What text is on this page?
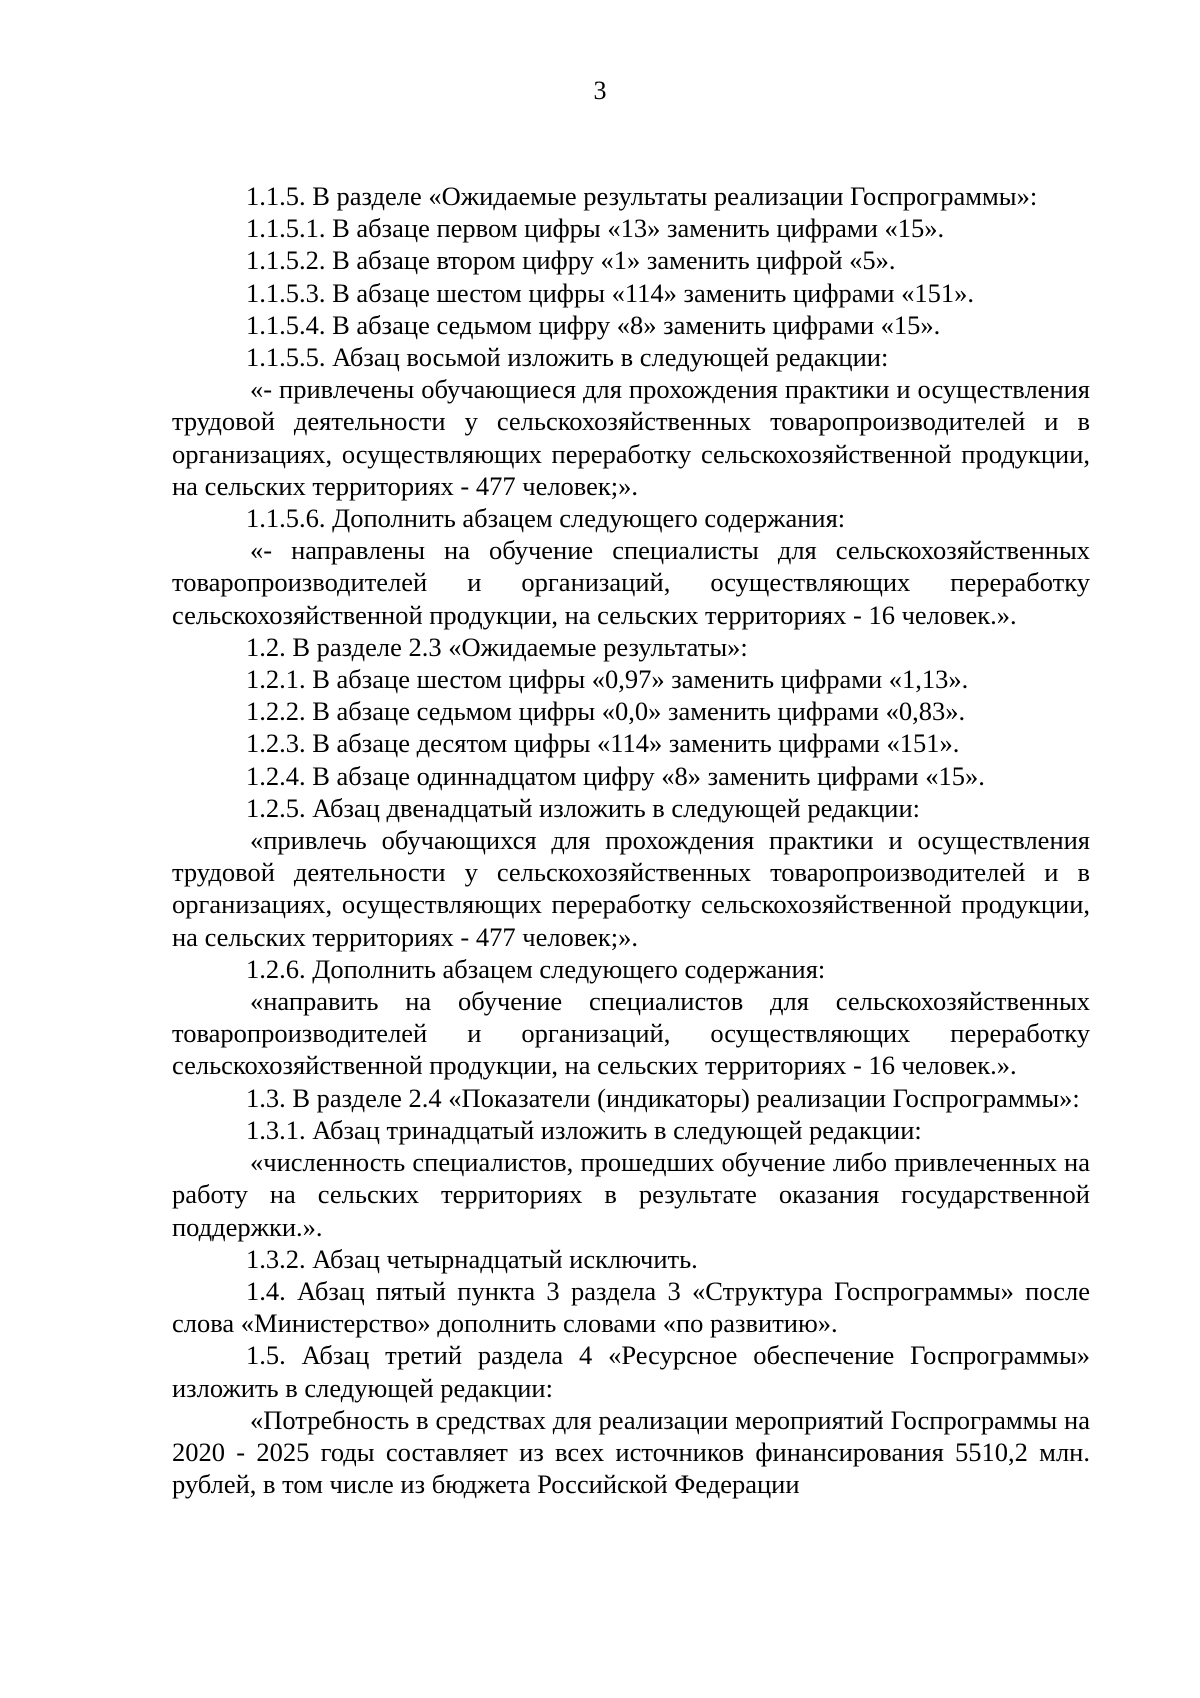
3

1.1.5. В разделе «Ожидаемые результаты реализации Госпрограммы»:

1.1.5.1. В абзаце первом цифры «13» заменить цифрами «15».

1.1.5.2. В абзаце втором цифру «1» заменить цифрой «5».

1.1.5.3. В абзаце шестом цифры «114» заменить цифрами «151».

1.1.5.4. В абзаце седьмом цифру «8» заменить цифрами «15».

1.1.5.5. Абзац восьмой изложить в следующей редакции:

«- привлечены обучающиеся для прохождения практики и осуществления трудовой деятельности у сельскохозяйственных товаропроизводителей и в организациях, осуществляющих переработку сельскохозяйственной продукции, на сельских территориях - 477 человек;».

1.1.5.6. Дополнить абзацем следующего содержания:

«- направлены на обучение специалисты для сельскохозяйственных товаропроизводителей и организаций, осуществляющих переработку сельскохозяйственной продукции, на сельских территориях - 16 человек.».

1.2. В разделе 2.3 «Ожидаемые результаты»:

1.2.1. В абзаце шестом цифры «0,97» заменить цифрами «1,13».

1.2.2. В абзаце седьмом цифры «0,0» заменить цифрами «0,83».

1.2.3. В абзаце десятом цифры «114» заменить цифрами «151».

1.2.4. В абзаце одиннадцатом цифру «8» заменить цифрами «15».

1.2.5. Абзац двенадцатый изложить в следующей редакции:

«привлечь обучающихся для прохождения практики и осуществления трудовой деятельности у сельскохозяйственных товаропроизводителей и в организациях, осуществляющих переработку сельскохозяйственной продукции, на сельских территориях - 477 человек;».

1.2.6. Дополнить абзацем следующего содержания:

«направить на обучение специалистов для сельскохозяйственных товаропроизводителей и организаций, осуществляющих переработку сельскохозяйственной продукции, на сельских территориях - 16 человек.».

1.3. В разделе 2.4 «Показатели (индикаторы) реализации Госпрограммы»:

1.3.1. Абзац тринадцатый изложить в следующей редакции:

«численность специалистов, прошедших обучение либо привлеченных на работу на сельских территориях в результате оказания государственной поддержки.».

1.3.2. Абзац четырнадцатый исключить.

1.4. Абзац пятый пункта 3 раздела 3 «Структура Госпрограммы» после слова «Министерство» дополнить словами «по развитию».

1.5. Абзац третий раздела 4 «Ресурсное обеспечение Госпрограммы» изложить в следующей редакции:

«Потребность в средствах для реализации мероприятий Госпрограммы на 2020 - 2025 годы составляет из всех источников финансирования 5510,2 млн. рублей, в том числе из бюджета Российской Федерации
